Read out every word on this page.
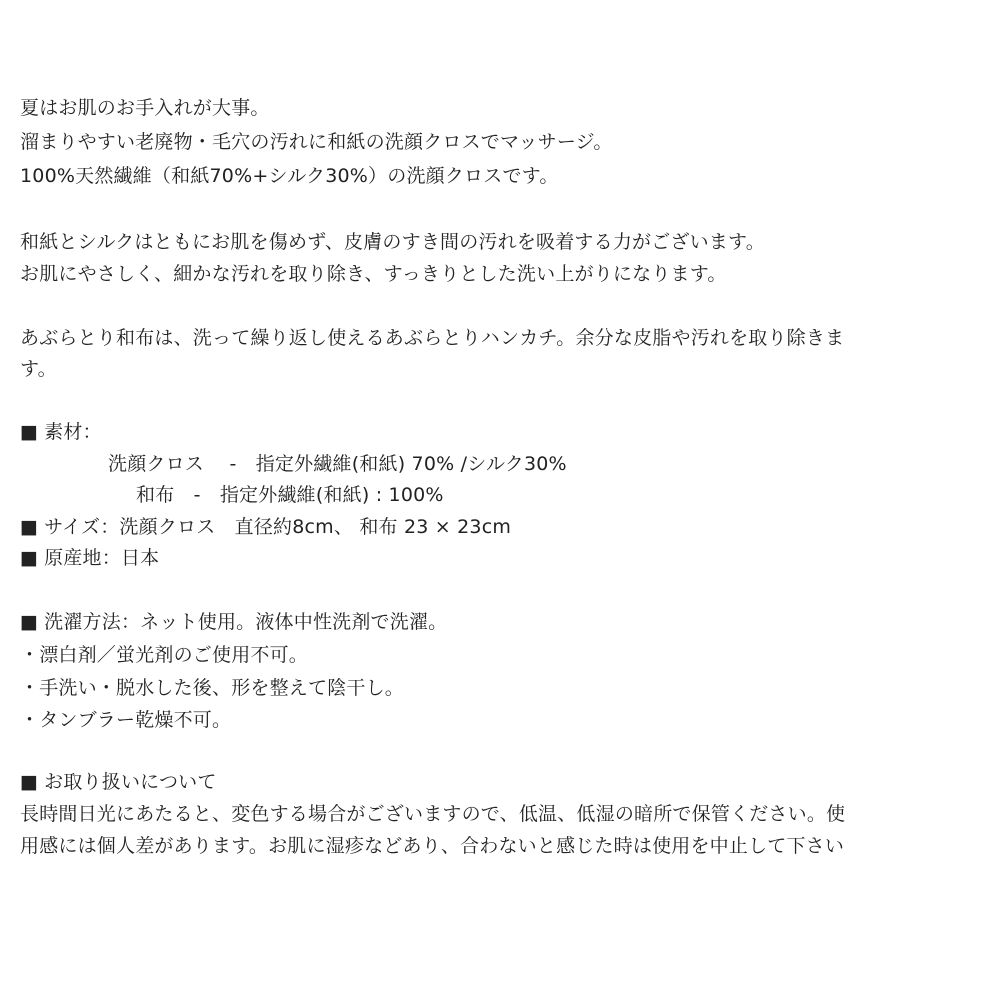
夏はお肌のお手入れが大事。
溜まりやすい老廃物・毛穴の汚れに和紙の洗顔クロスでマッサージ。
100%天然繊維（和紙70%+シルク30%）の洗顔クロスです。
和紙とシルクはともにお肌を傷めず、皮膚のすき間の汚れを吸着する力がございます。
お肌にやさしく、細かな汚れを取り除き、すっきりとした洗い上がりになります。
あぶらとり和布は、洗って繰り返し使えるあぶらとりハンカチ。余分な皮脂や汚れを取り除きま
す。
■ 素材：
洗顔クロス　 -　指定外繊維(和紙) 70% /シルク30%
和布　-　指定外繊維(和紙) : 100%
■ サイズ：洗顔クロス　直径約8cm、 和布 23 × 23cm
■ 原産地：日本
■ 洗濯方法：ネット使用。液体中性洗剤で洗濯。
・漂白剤／蛍光剤のご使用不可。
・手洗い・脱水した後、形を整えて陰干し。
・タンブラー乾燥不可。
■ お取り扱いについて
長時間日光にあたると、変色する場合がございますので、低温、低湿の暗所で保管ください。使
用感には個人差があります。お肌に湿疹などあり、合わないと感じた時は使用を中止して下さい
